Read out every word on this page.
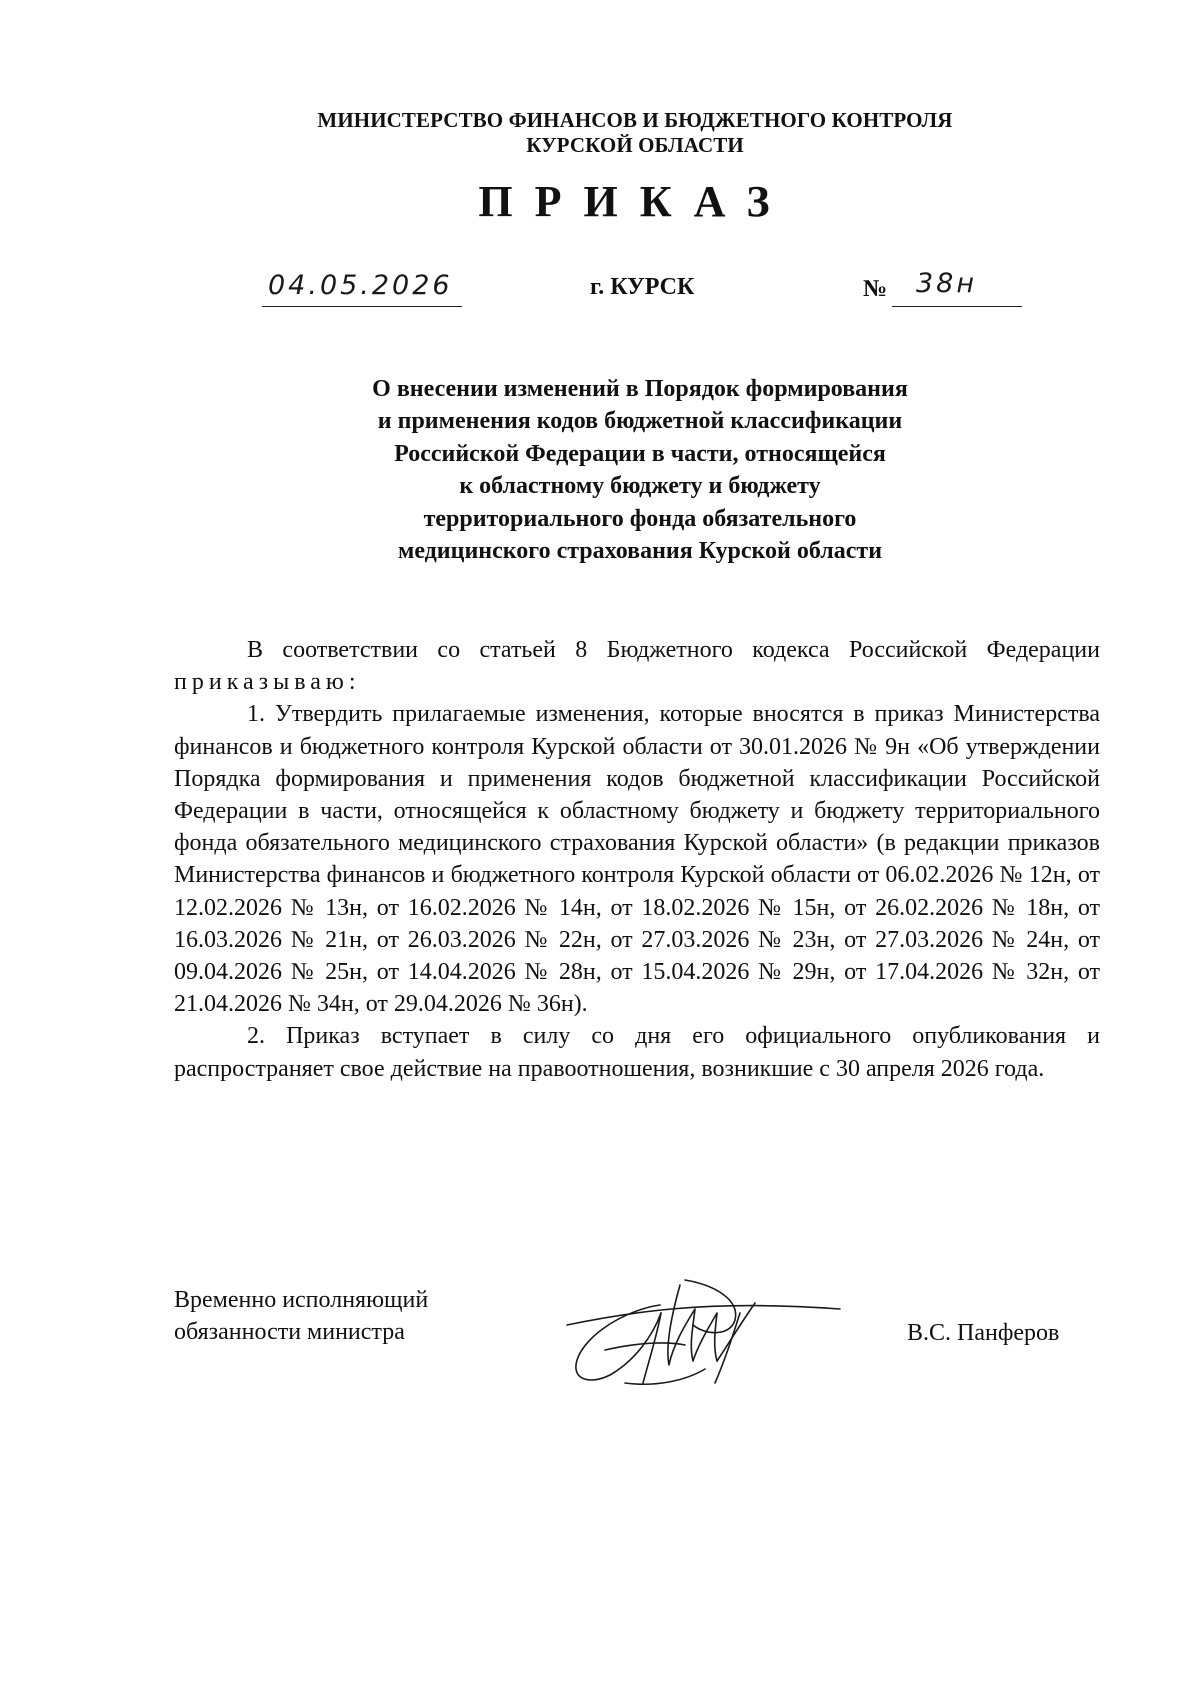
МИНИСТЕРСТВО ФИНАНСОВ И БЮДЖЕТНОГО КОНТРОЛЯ
КУРСКОЙ ОБЛАСТИ
ПРИКАЗ
04.05.2026	г. КУРСК	№ 38н
О внесении изменений в Порядок формирования
и применения кодов бюджетной классификации
Российской Федерации в части, относящейся
к областному бюджету и бюджету
территориального фонда обязательного
медицинского страхования Курской области

В соответствии со статьей 8 Бюджетного кодекса Российской Федерации приказываю:

1. Утвердить прилагаемые изменения, которые вносятся в приказ Министерства финансов и бюджетного контроля Курской области от 30.01.2026 № 9н «Об утверждении Порядка формирования и применения кодов бюджетной классификации Российской Федерации в части, относящейся к областному бюджету и бюджету территориального фонда обязательного медицинского страхования Курской области» (в редакции приказов Министерства финансов и бюджетного контроля Курской области от 06.02.2026 № 12н, от 12.02.2026 № 13н, от 16.02.2026 № 14н, от 18.02.2026 № 15н, от 26.02.2026 № 18н, от 16.03.2026 № 21н, от 26.03.2026 № 22н, от 27.03.2026 № 23н, от 27.03.2026 № 24н, от 09.04.2026 № 25н, от 14.04.2026 № 28н, от 15.04.2026 № 29н, от 17.04.2026 № 32н, от 21.04.2026 № 34н, от 29.04.2026 № 36н).

2. Приказ вступает в силу со дня его официального опубликования и распространяет свое действие на правоотношения, возникшие с 30 апреля 2026 года.

Временно исполняющий
обязанности министра	В.С. Панферов
